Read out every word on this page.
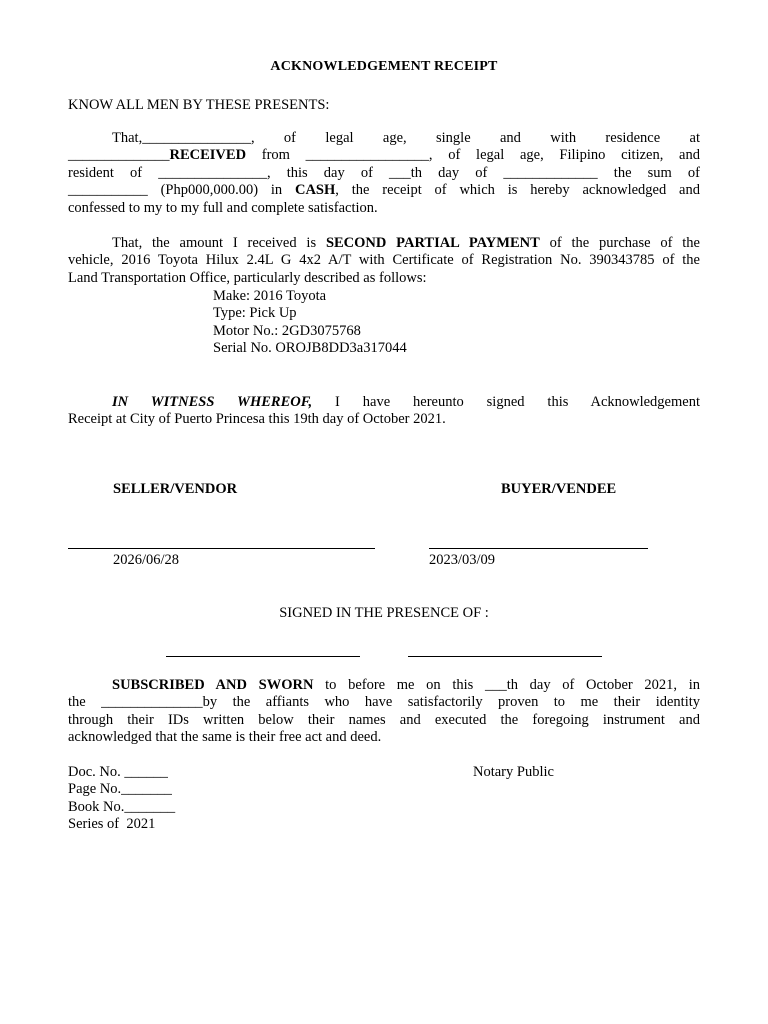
ACKNOWLEDGEMENT RECEIPT
KNOW ALL MEN BY THESE PRESENTS:
That,_______________, of legal age, single and with residence at
______________RECEIVED from _________________, of legal age, Filipino citizen, and
resident of _______________, this day of ___th day of _____________ the sum of
___________ (Php000,000.00) in CASH, the receipt of which is hereby acknowledged and
confessed to my to my full and complete satisfaction.
That, the amount I received is SECOND PARTIAL PAYMENT of the purchase of the
vehicle, 2016 Toyota Hilux 2.4L G 4x2 A/T with Certificate of Registration No. 390343785 of the
Land Transportation Office, particularly described as follows:
Make: 2016 Toyota
Type: Pick Up
Motor No.: 2GD3075768
Serial No. OROJB8DD3a317044
IN WITNESS WHEREOF, I have hereunto signed this Acknowledgement
Receipt at City of Puerto Princesa this 19th day of October 2021.
SELLER/VENDOR	BUYER/VENDEE
2026/06/28	2023/03/09
SIGNED IN THE PRESENCE OF :
SUBSCRIBED AND SWORN to before me on this ___th day of October 2021, in
the ______________by the affiants who have satisfactorily proven to me their identity
through their IDs written below their names and executed the foregoing instrument and
acknowledged that the same is their free act and deed.
Doc. No. ______
Page No._______
Book No._______
Series of  2021
Notary Public
